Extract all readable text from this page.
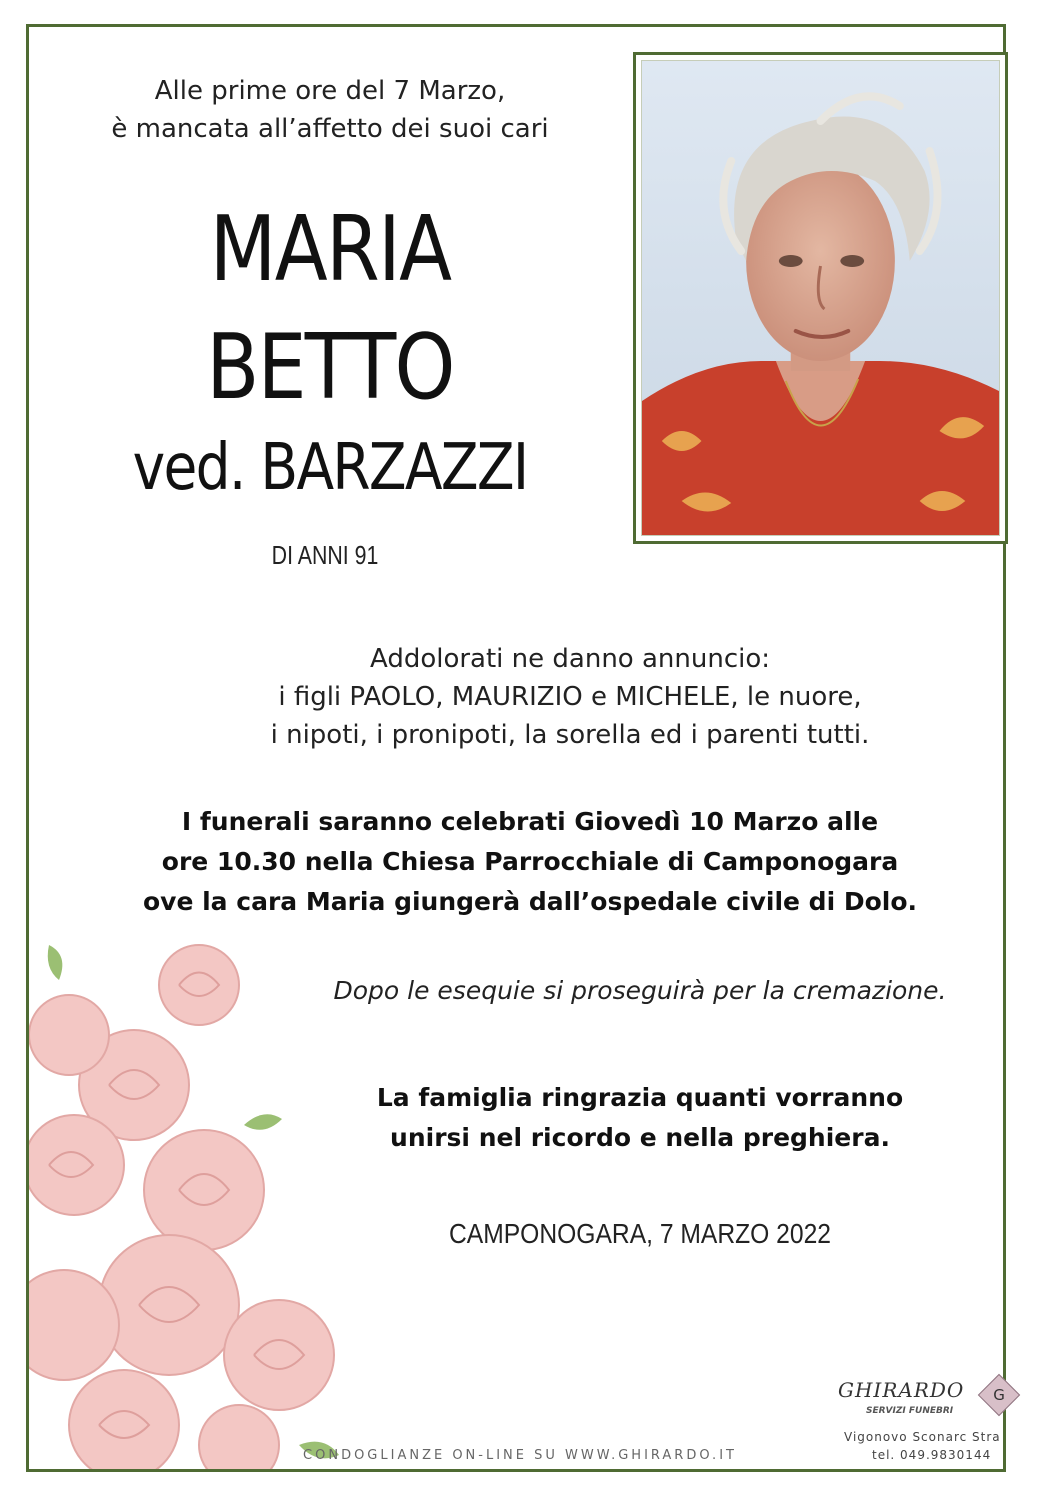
Alle prime ore del 7 Marzo,
è mancata all’affetto dei suoi cari
MARIA
BETTO
ved. BARZAZZI
DI ANNI 91
Addolorati ne danno annuncio:
i figli PAOLO, MAURIZIO e MICHELE, le nuore,
i nipoti, i pronipoti, la sorella ed i parenti tutti.
I funerali saranno celebrati Giovedì 10 Marzo alle
ore 10.30 nella Chiesa Parrocchiale di Camponogara
ove la cara Maria giungerà dall’ospedale civile di Dolo.
Dopo le esequie si proseguirà per la cremazione.
La famiglia ringrazia quanti vorranno
unirsi nel ricordo e nella preghiera.
CAMPONOGARA, 7 MARZO 2022
CONDOGLIANZE ON-LINE SU WWW.GHIRARDO.IT
GHIRARDO
SERVIZI FUNEBRI
G
Vigonovo Sconarc Stra
tel. 049.9830144
